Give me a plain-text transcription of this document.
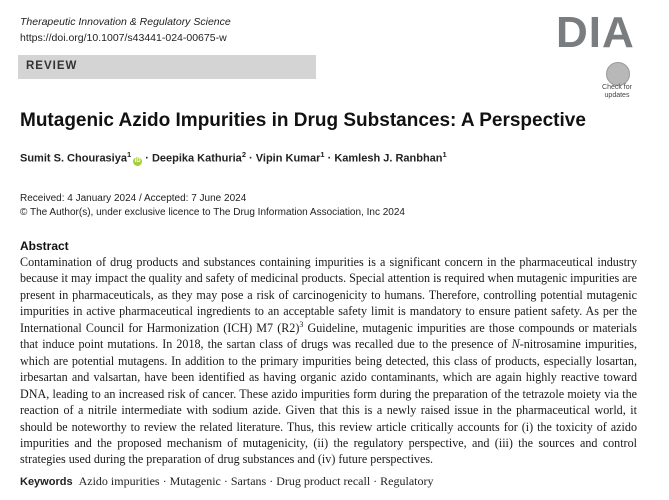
Therapeutic Innovation & Regulatory Science
https://doi.org/10.1007/s43441-024-00675-w	DIA
REVIEW
Check for
updates
Mutagenic Azido Impurities in Drug Substances: A Perspective
Sumit S. Chourasiya$^1$iD · Deepika Kathuria$^2$ · Vipin Kumar$^1$ · Kamlesh J. Ranbhan$^1$
Received: 4 January 2024 / Accepted: 7 June 2024
© The Author(s), under exclusive licence to The Drug Information Association, Inc 2024
Abstract
Contamination of drug products and substances containing impurities is a significant concern in the pharmaceutical industry because it may impact the quality and safety of medicinal products. Special attention is required when mutagenic impurities are present in pharmaceuticals, as they may pose a risk of carcinogenicity to humans. Therefore, controlling potential mutagenic impurities in active pharmaceutical ingredients to an acceptable safety limit is mandatory to ensure patient safety. As per the International Council for Harmonization (ICH) M7 $(R2)^3$ Guideline, mutagenic impurities are those compounds or materials that induce point mutations. In 2018, the sartan class of drugs was recalled due to the presence of N-nitrosamine impurities, which are potential mutagens. In addition to the primary impurities being detected, this class of products, especially losartan, irbesartan and valsartan, have been identified as having organic azido contaminants, which are again highly reactive toward DNA, leading to an increased risk of cancer. These azido impurities form during the preparation of the tetrazole moiety via the reaction of a nitrile intermediate with sodium azide. Given that this is a newly raised issue in the pharmaceutical world, it should be noteworthy to review the related literature. Thus, this review article critically accounts for (i) the toxicity of azido impurities and the proposed mechanism of mutagenicity, (ii) the regulatory perspective, and (iii) the sources and control strategies used during the preparation of drug substances and (iv) future perspectives.
Keywords Azido impurities · Mutagenic · Sartans · Drug product recall · Regulatory
